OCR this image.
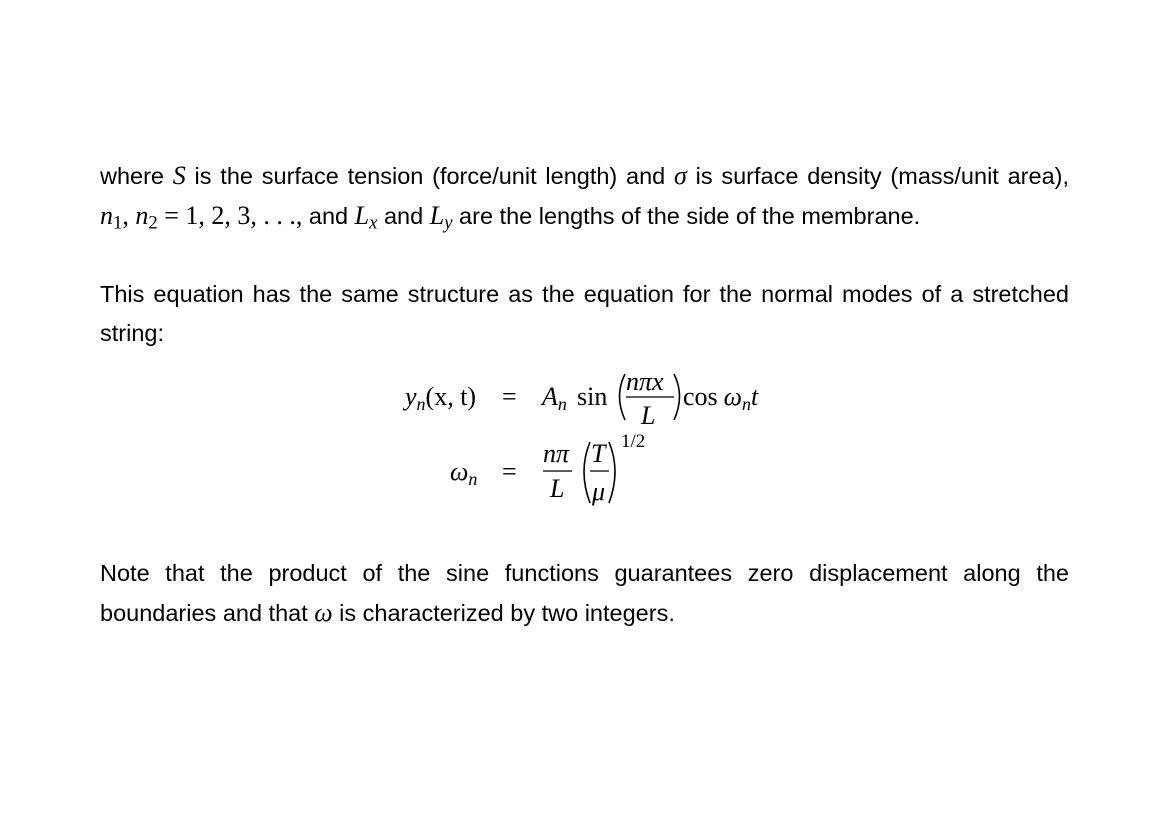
where S is the surface tension (force/unit length) and σ is surface density (mass/unit area), $n_1$, $n_2 = 1$, 2, 3, . . ., and $L_x$ and $L_y$ are the lengths of the side of the membrane.

This equation has the same structure as the equation for the normal modes of a stretched string:

yn(x, t) = An sin
nπx
L
cos ωnt
ωn =
nπ
L
T
μ
1/2

Note that the product of the sine functions guarantees zero displacement along the boundaries and that ω is characterized by two integers.
